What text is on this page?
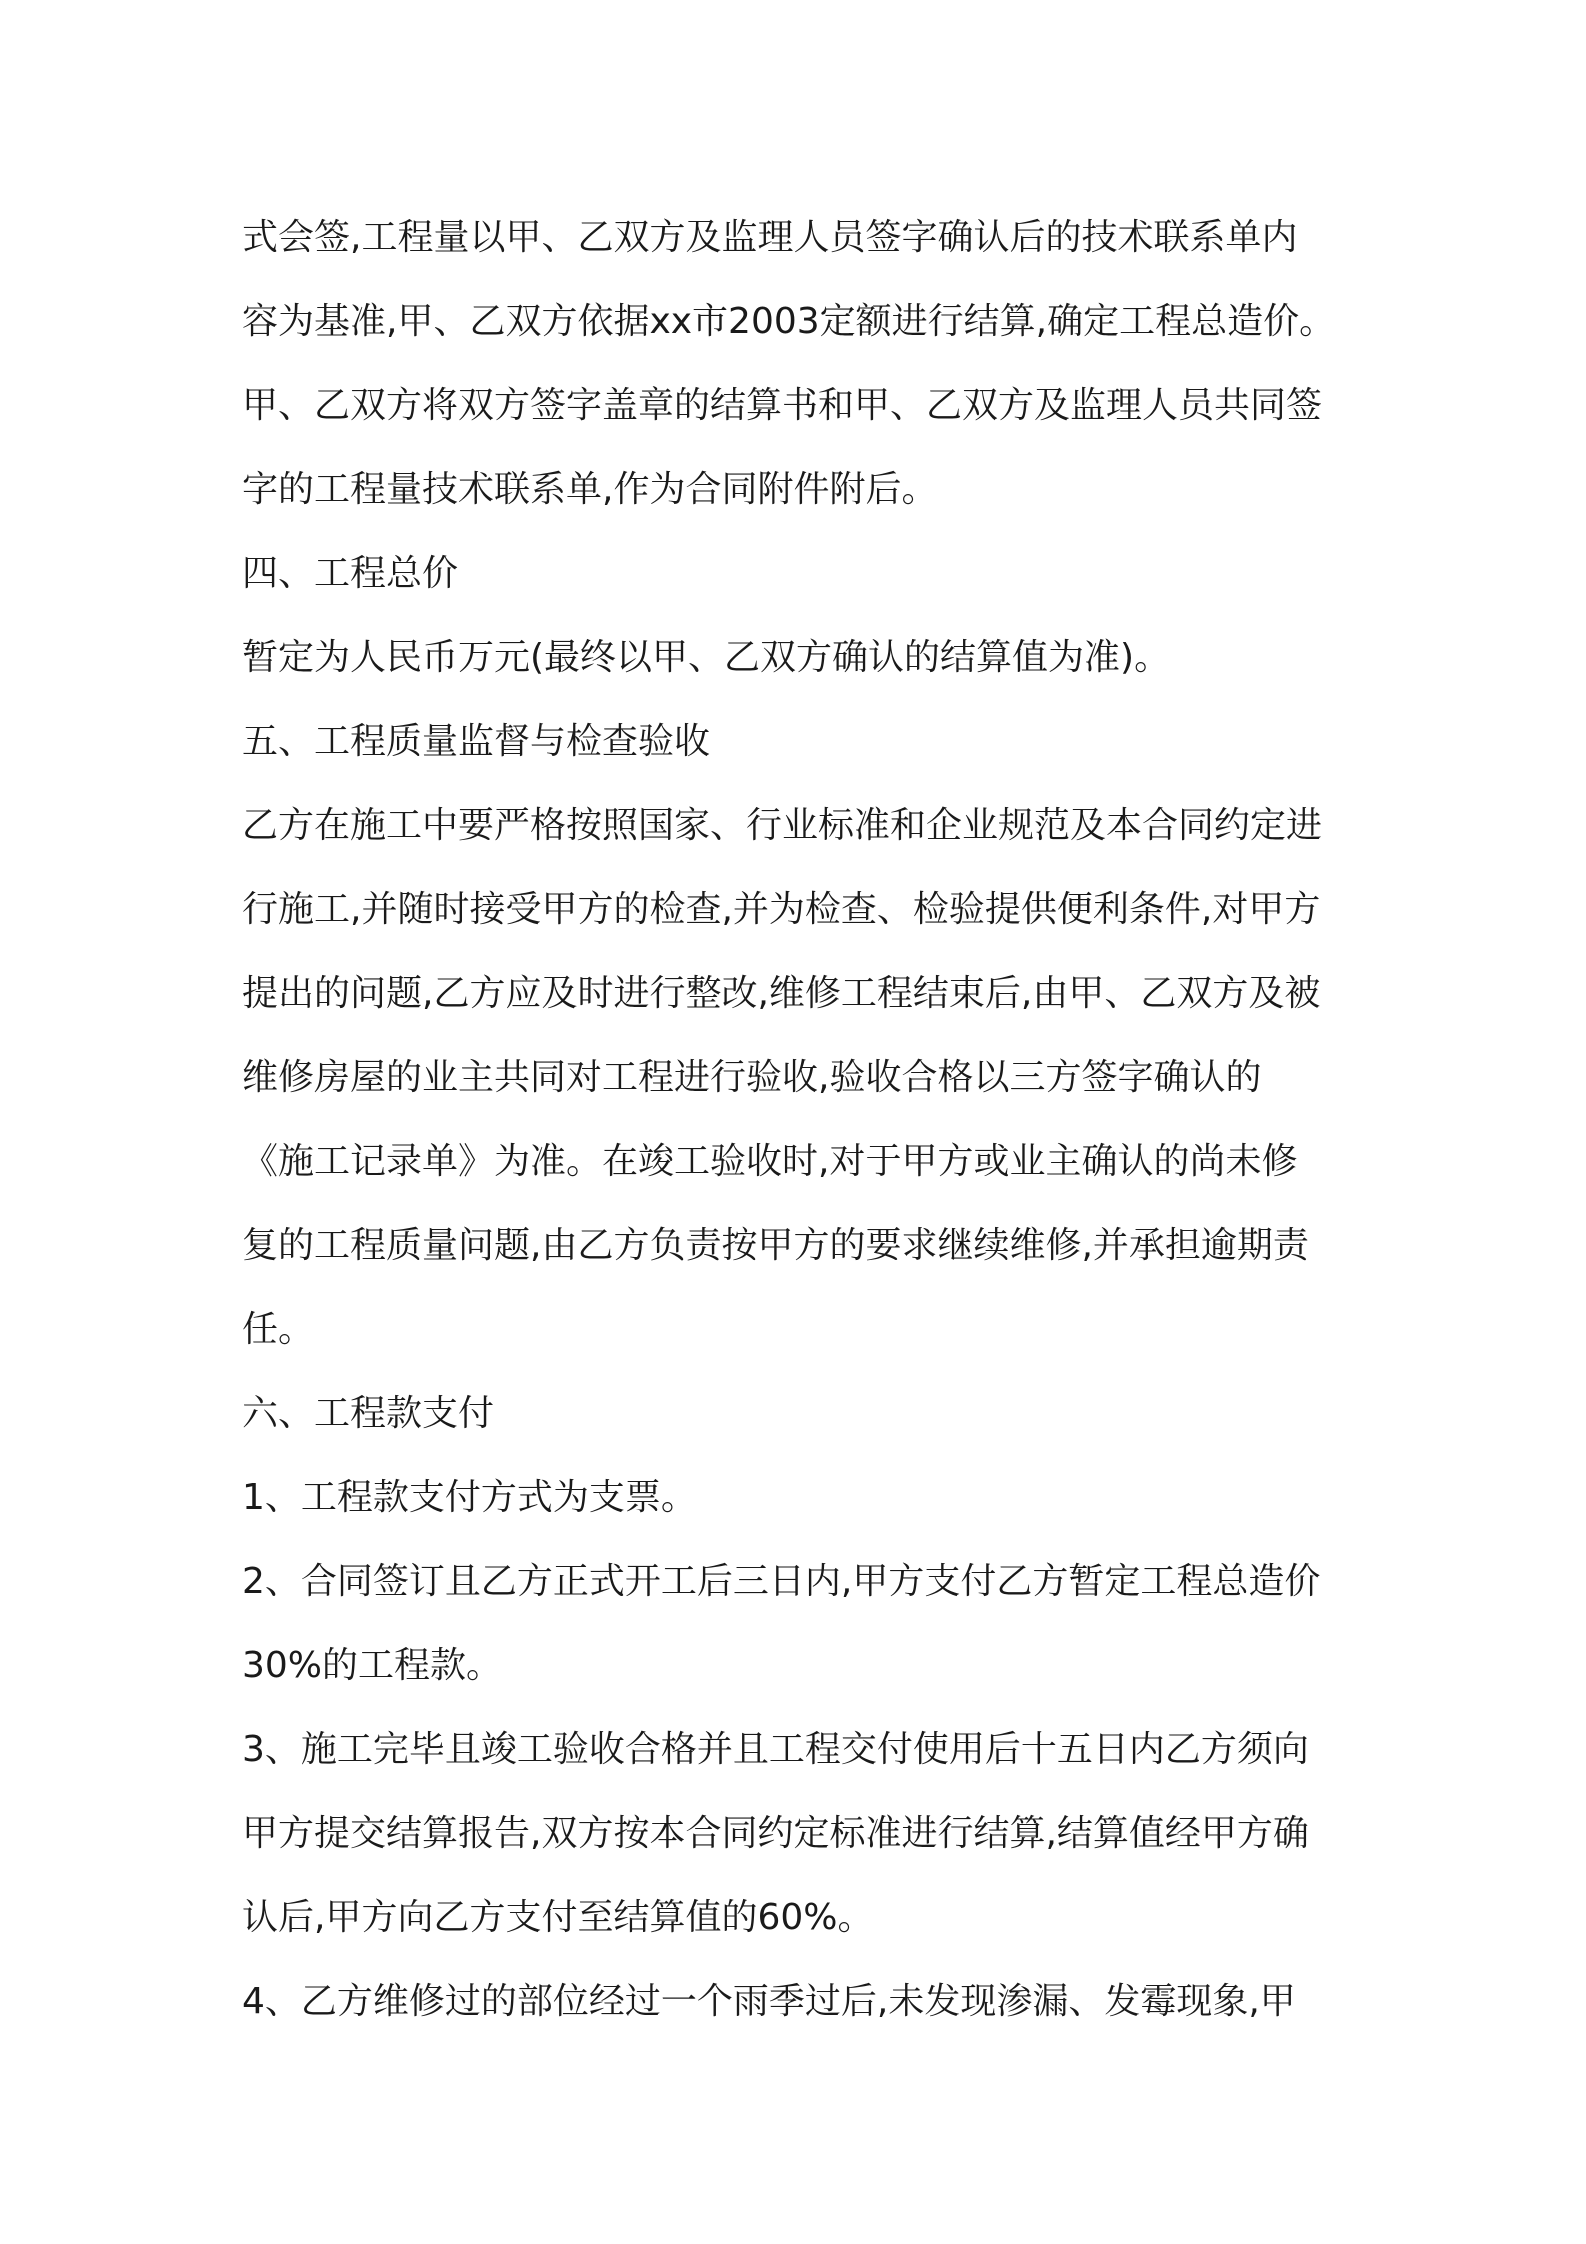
式会签,工程量以甲、乙双方及监理人员签字确认后的技术联系单内
容为基准,甲、乙双方依据xx市2003定额进行结算,确定工程总造价。
甲、乙双方将双方签字盖章的结算书和甲、乙双方及监理人员共同签
字的工程量技术联系单,作为合同附件附后。
四、工程总价
暂定为人民币万元(最终以甲、乙双方确认的结算值为准)。
五、工程质量监督与检查验收
乙方在施工中要严格按照国家、行业标准和企业规范及本合同约定进
行施工,并随时接受甲方的检查,并为检查、检验提供便利条件,对甲方
提出的问题,乙方应及时进行整改,维修工程结束后,由甲、乙双方及被
维修房屋的业主共同对工程进行验收,验收合格以三方签字确认的
《施工记录单》为准。在竣工验收时,对于甲方或业主确认的尚未修
复的工程质量问题,由乙方负责按甲方的要求继续维修,并承担逾期责
任。
六、工程款支付
1、工程款支付方式为支票。
2、合同签订且乙方正式开工后三日内,甲方支付乙方暂定工程总造价
30%的工程款。
3、施工完毕且竣工验收合格并且工程交付使用后十五日内乙方须向
甲方提交结算报告,双方按本合同约定标准进行结算,结算值经甲方确
认后,甲方向乙方支付至结算值的60%。
4、乙方维修过的部位经过一个雨季过后,未发现渗漏、发霉现象,甲
